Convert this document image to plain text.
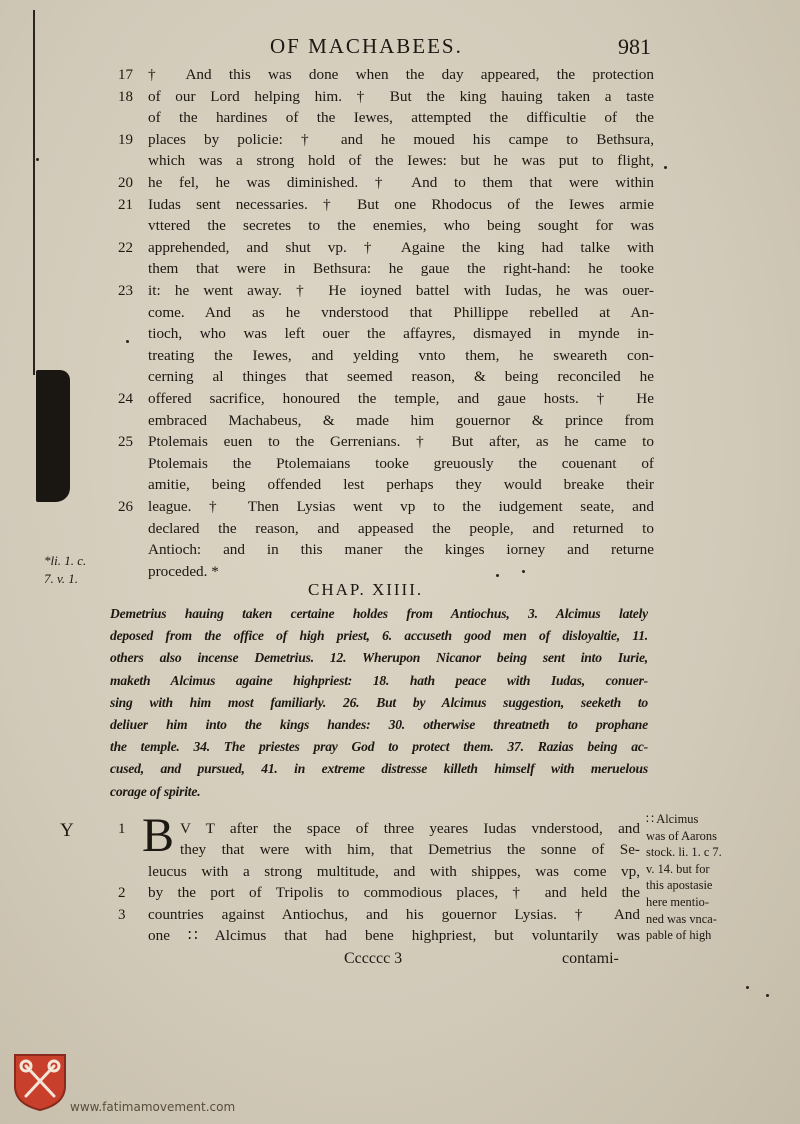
OF MACHABEES.	981
17 † And this was done when the day appeared, the protection
18 of our Lord helping him. † But the king hauing taken a taste
of the hardines of the Iewes, attempted the difficultie of the
19 places by policie: † and he moued his campe to Bethsura,
which was a strong hold of the Iewes: but he was put to flight,
20 he fel, he was diminished. † And to them that were within
21 Iudas sent necessaries. † But one Rhodocus of the Iewes armie
vttered the secretes to the enemies, who being sought for was
22 apprehended, and shut vp. † Againe the king had talke with
them that were in Bethsura: he gaue the right-hand: he tooke
23 it: he went away. † He ioyned battel with Iudas, he was ouer-
come. And as he vnderstood that Phillippe rebelled at An-
tioch, who was left ouer the affayres, dismayed in mynde in-
treating the Iewes, and yelding vnto them, he sweareth con-
cerning al thinges that seemed reason, & being reconciled he
24 offered sacrifice, honoured the temple, and gaue hosts. † He
embraced Machabeus, & made him gouernor & prince from
25 Ptolemais euen to the Gerrenians. † But after, as he came to
Ptolemais the Ptolemaians tooke greuously the couenant of
amitie, being offended lest perhaps they would breake their
26 league. † Then Lysias went vp to the iudgement seate, and
declared the reason, and appeased the people, and returned to
Antioch: and in this maner the kinges iorney and returne
proceded. *
*li. 1. c.
7. v. 1.
CHAP. XIIII.
Demetrius hauing taken certaine holdes from Antiochus, 3. Alcimus lately
deposed from the office of high priest, 6. accuseth good men of disloyaltie, 11.
others also incense Demetrius. 12. Wherupon Nicanor being sent into Iurie,
maketh Alcimus againe highpriest: 18. hath peace with Iudas, conuer-
sing with him most familiarly. 26. But by Alcimus suggestion, seeketh to
deliuer him into the kings handes: 30. otherwise threatneth to prophane
the temple. 34. The priestes pray God to protect them. 37. Razias being ac-
cused, and pursued, 41. in extreme distresse killeth himself with meruelous
corage of spirite.
Y B
1	V T after the space of three yeares Iudas vnderstood, and
they that were with him, that Demetrius the sonne of Se-
leucus with a strong multitude, and with shippes, was come vp,
2	by the port of Tripolis to commodious places, † and held the
3	countries against Antiochus, and his gouernor Lysias. † And
one ∷ Alcimus that had bene highpriest, but voluntarily was
∷ Alcimus
was of Aarons
stock. li. 1. c 7.
v. 14. but for
this apostasie
here mentio-
ned was vnca-
pable of high
Cccccc 3	contami-
www.fatimamovement.com
